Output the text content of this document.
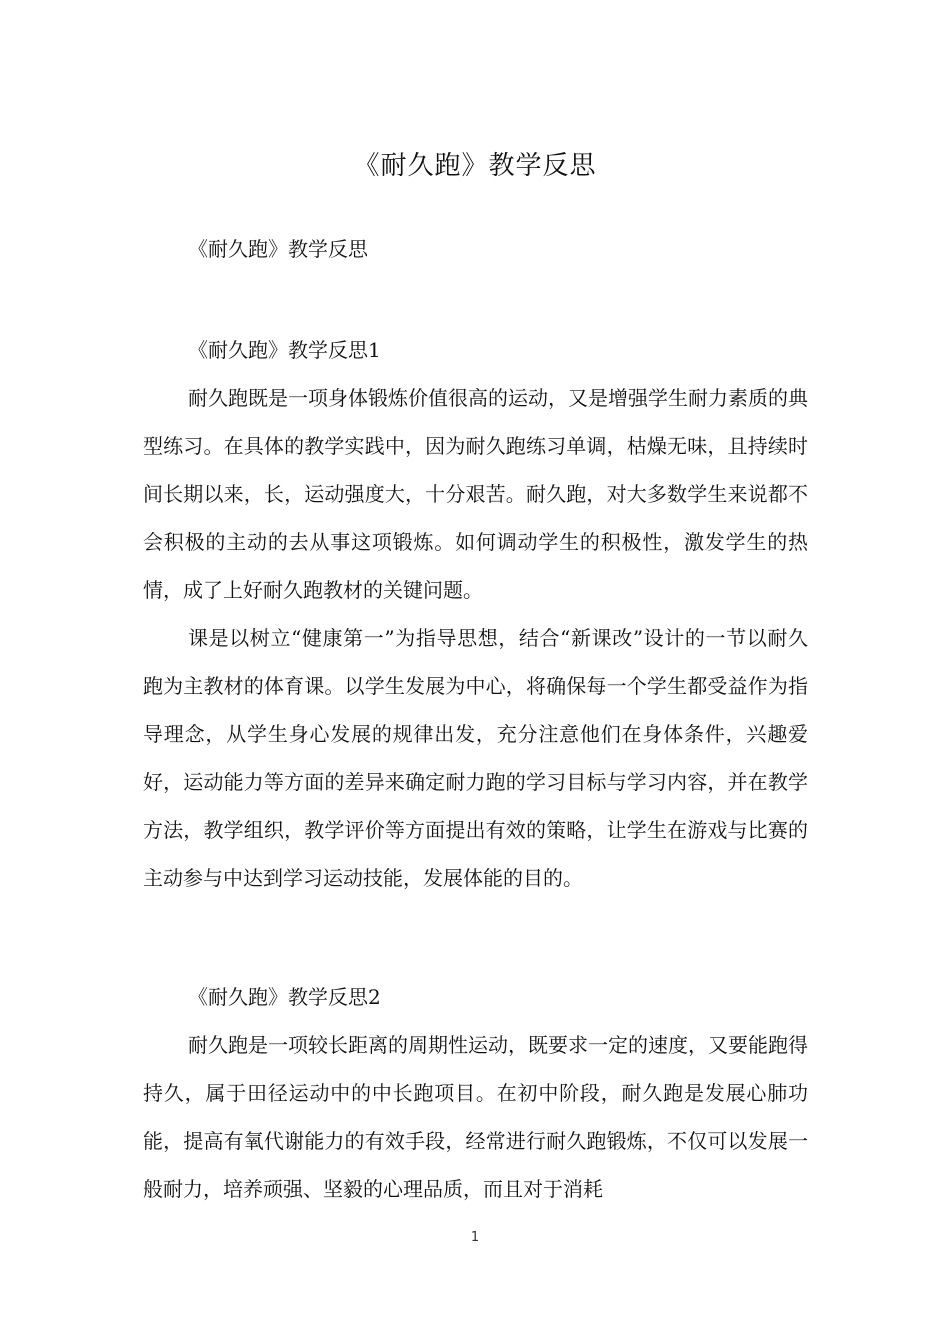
《耐久跑》教学反思

《耐久跑》教学反思

《耐久跑》教学反思1

耐久跑既是一项身体锻炼价值很高的运动，又是增强学生耐力素质的典型练习。在具体的教学实践中，因为耐久跑练习单调，枯燥无味，且持续时间长期以来，长，运动强度大，十分艰苦。耐久跑，对大多数学生来说都不会积极的主动的去从事这项锻炼。如何调动学生的积极性，激发学生的热情，成了上好耐久跑教材的关键问题。

课是以树立“健康第一”为指导思想，结合“新课改”设计的一节以耐久跑为主教材的体育课。以学生发展为中心，将确保每一个学生都受益作为指导理念，从学生身心发展的规律出发，充分注意他们在身体条件，兴趣爱好，运动能力等方面的差异来确定耐力跑的学习目标与学习内容，并在教学方法，教学组织，教学评价等方面提出有效的策略，让学生在游戏与比赛的主动参与中达到学习运动技能，发展体能的目的。

《耐久跑》教学反思2

耐久跑是一项较长距离的周期性运动，既要求一定的速度，又要能跑得持久，属于田径运动中的中长跑项目。在初中阶段，耐久跑是发展心肺功能，提高有氧代谢能力的有效手段，经常进行耐久跑锻炼，不仅可以发展一般耐力，培养顽强、坚毅的心理品质，而且对于消耗

1
